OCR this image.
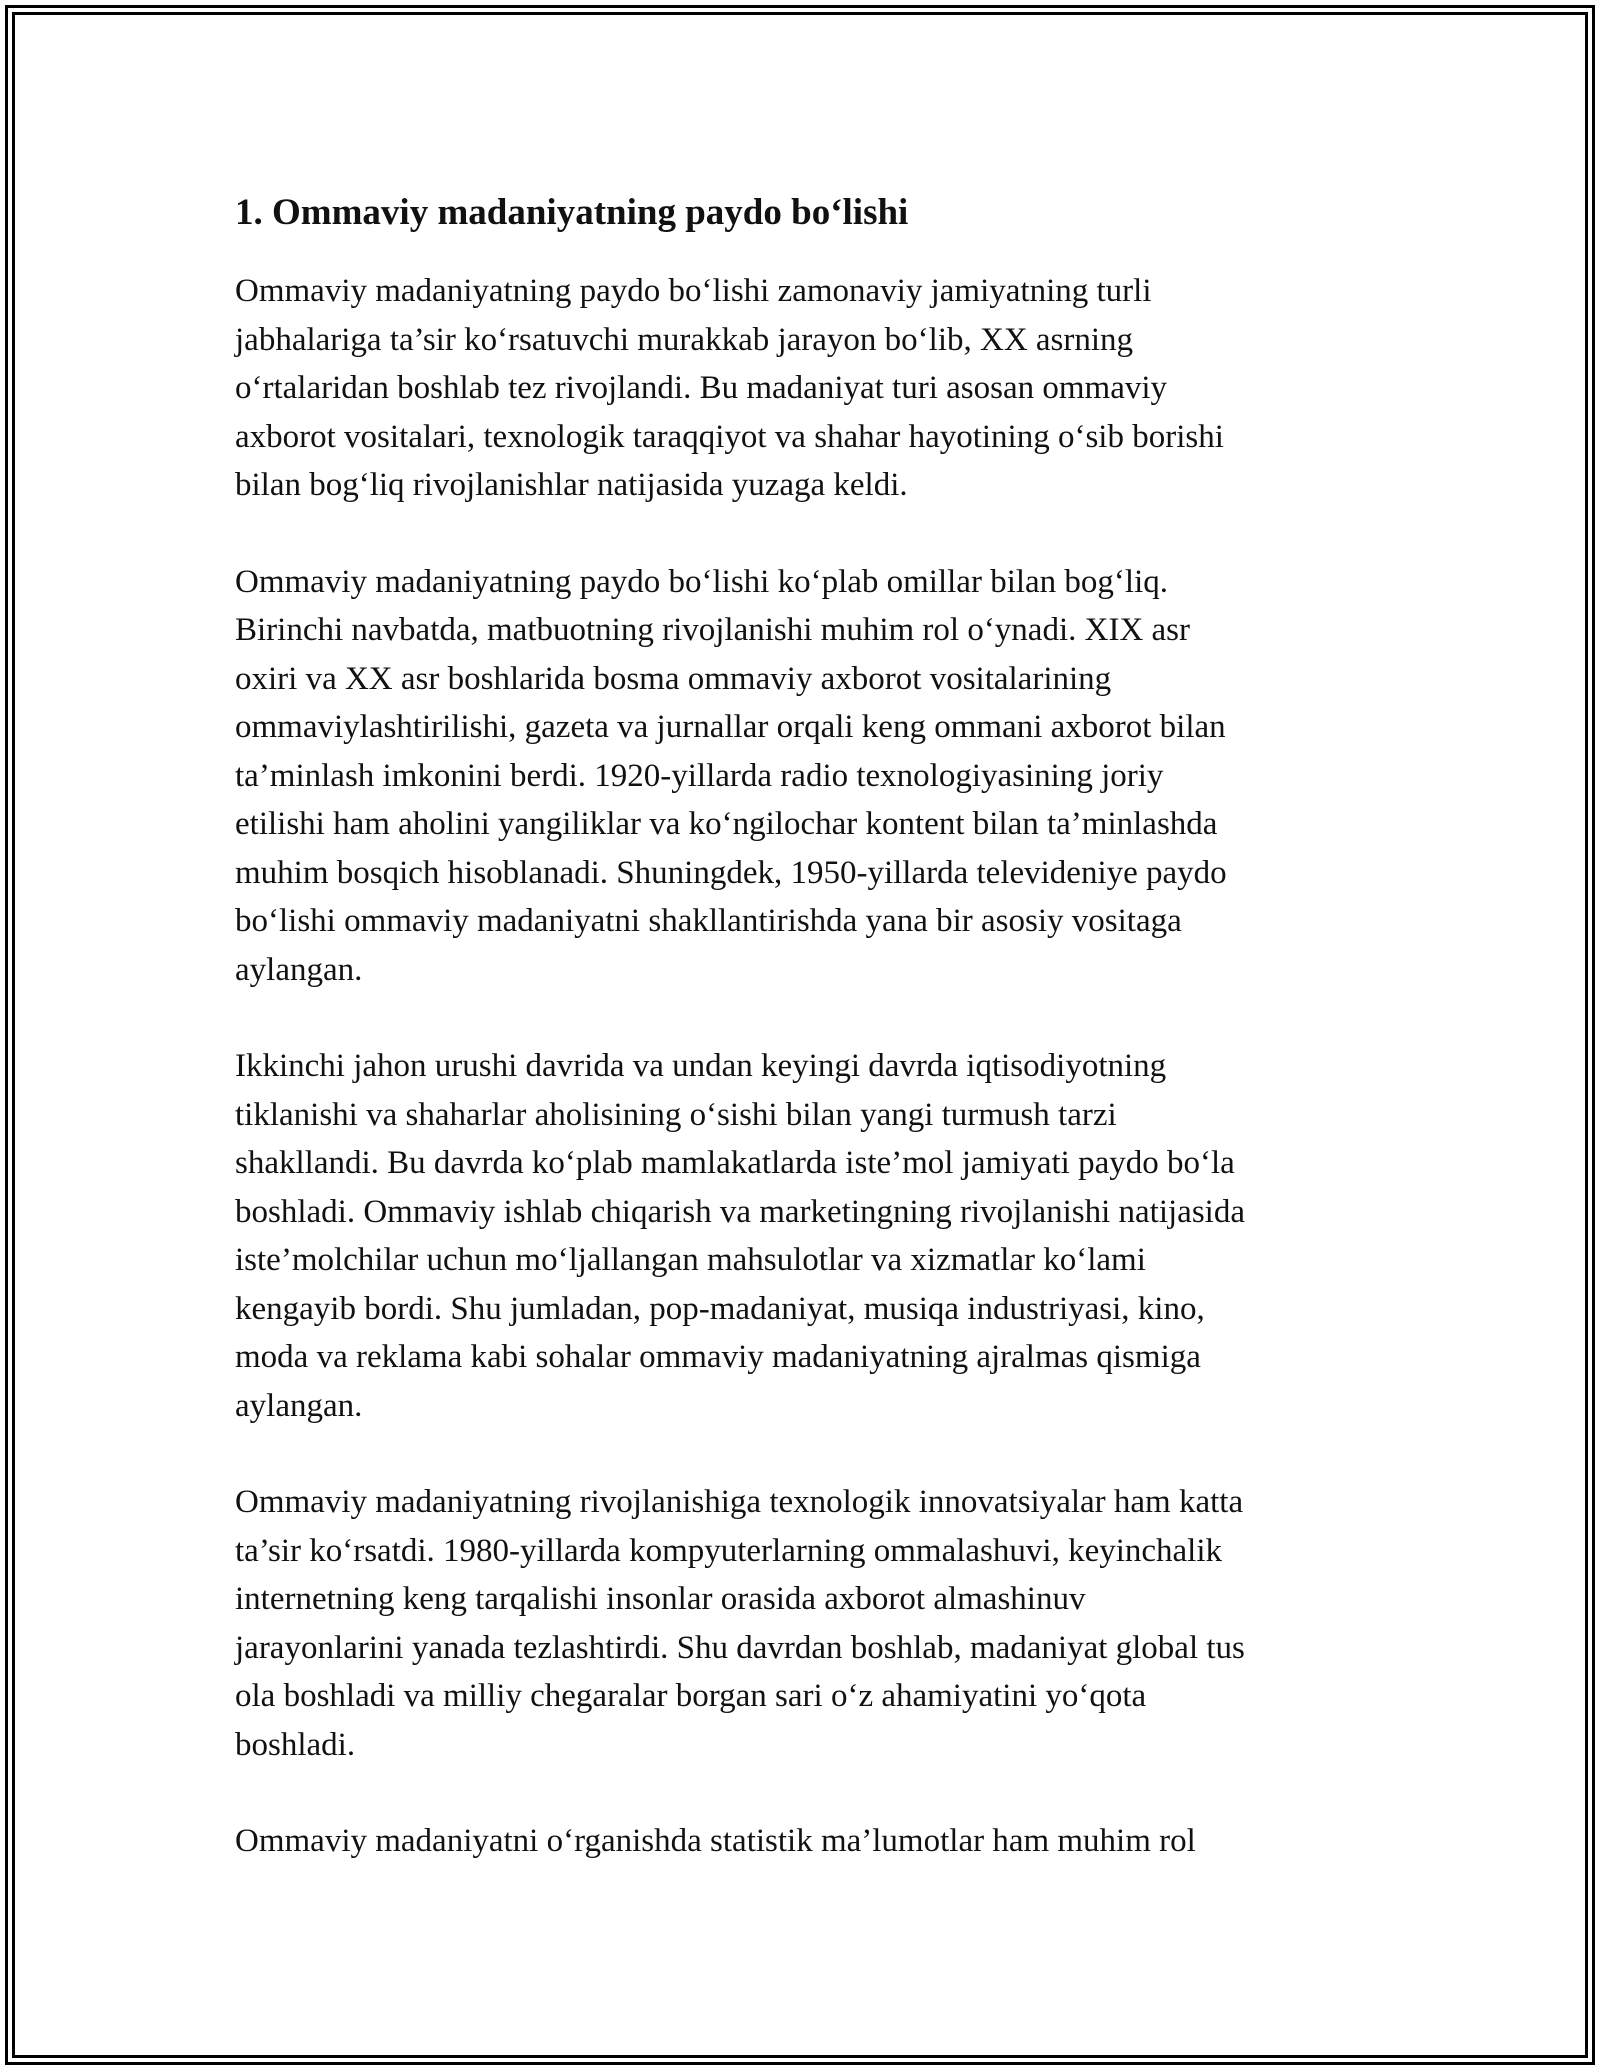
1. Ommaviy madaniyatning paydo bo‘lishi

Ommaviy madaniyatning paydo bo‘lishi zamonaviy jamiyatning turli
jabhalariga ta’sir ko‘rsatuvchi murakkab jarayon bo‘lib, XX asrning
o‘rtalaridan boshlab tez rivojlandi. Bu madaniyat turi asosan ommaviy
axborot vositalari, texnologik taraqqiyot va shahar hayotining o‘sib borishi
bilan bog‘liq rivojlanishlar natijasida yuzaga keldi.

Ommaviy madaniyatning paydo bo‘lishi ko‘plab omillar bilan bog‘liq.
Birinchi navbatda, matbuotning rivojlanishi muhim rol o‘ynadi. XIX asr
oxiri va XX asr boshlarida bosma ommaviy axborot vositalarining
ommaviylashtirilishi, gazeta va jurnallar orqali keng ommani axborot bilan
ta’minlash imkonini berdi. 1920-yillarda radio texnologiyasining joriy
etilishi ham aholini yangiliklar va ko‘ngilochar kontent bilan ta’minlashda
muhim bosqich hisoblanadi. Shuningdek, 1950-yillarda televideniye paydo
bo‘lishi ommaviy madaniyatni shakllantirishda yana bir asosiy vositaga
aylangan.

Ikkinchi jahon urushi davrida va undan keyingi davrda iqtisodiyotning
tiklanishi va shaharlar aholisining o‘sishi bilan yangi turmush tarzi
shakllandi. Bu davrda ko‘plab mamlakatlarda iste’mol jamiyati paydo bo‘la
boshladi. Ommaviy ishlab chiqarish va marketingning rivojlanishi natijasida
iste’molchilar uchun mo‘ljallangan mahsulotlar va xizmatlar ko‘lami
kengayib bordi. Shu jumladan, pop-madaniyat, musiqa industriyasi, kino,
moda va reklama kabi sohalar ommaviy madaniyatning ajralmas qismiga
aylangan.

Ommaviy madaniyatning rivojlanishiga texnologik innovatsiyalar ham katta
ta’sir ko‘rsatdi. 1980-yillarda kompyuterlarning ommalashuvi, keyinchalik
internetning keng tarqalishi insonlar orasida axborot almashinuv
jarayonlarini yanada tezlashtirdi. Shu davrdan boshlab, madaniyat global tus
ola boshladi va milliy chegaralar borgan sari o‘z ahamiyatini yo‘qota
boshladi.

Ommaviy madaniyatni o‘rganishda statistik ma’lumotlar ham muhim rol
